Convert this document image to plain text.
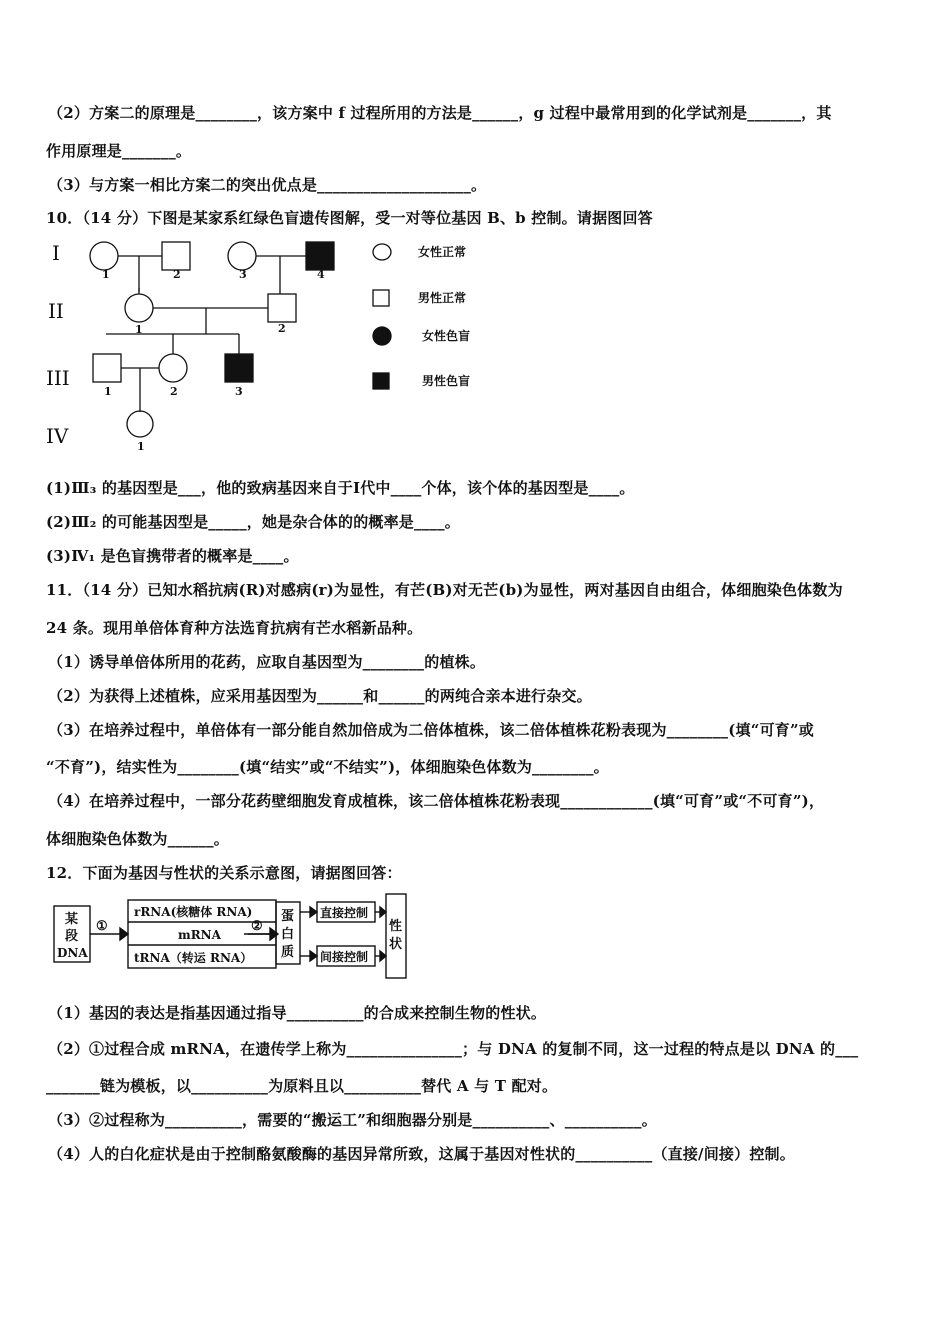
（2）方案二的原理是________，该方案中 f 过程所用的方法是______，g 过程中最常用到的化学试剂是_______，其
作用原理是_______。
（3）与方案一相比方案二的突出优点是____________________。
10．（14 分）下图是某家系红绿色盲遗传图解，受一对等位基因 B、b 控制。请据图回答
I
II
III
IV
1	2	3	4
1	2
1	2	3
1
女性正常
男性正常
女性色盲
男性色盲
(1)Ⅲ₃ 的基因型是___，他的致病基因来自于Ⅰ代中____个体，该个体的基因型是____。
(2)Ⅲ₂ 的可能基因型是_____，她是杂合体的的概率是____。
(3)Ⅳ₁ 是色盲携带者的概率是____。
11．（14 分）已知水稻抗病(R)对感病(r)为显性，有芒(B)对无芒(b)为显性，两对基因自由组合，体细胞染色体数为
24 条。现用单倍体育种方法选育抗病有芒水稻新品种。
（1）诱导单倍体所用的花药，应取自基因型为________的植株。
（2）为获得上述植株，应采用基因型为______和______的两纯合亲本进行杂交。
（3）在培养过程中，单倍体有一部分能自然加倍成为二倍体植株，该二倍体植株花粉表现为________(填“可育”或
“不育”)，结实性为________(填“结实”或“不结实”)，体细胞染色体数为________。
（4）在培养过程中，一部分花药壁细胞发育成植株，该二倍体植株花粉表现____________(填“可育”或“不可育”)，
体细胞染色体数为______。
12．下面为基因与性状的关系示意图，请据图回答：
某
段
DNA
①
rRNA(核糖体 RNA)
mRNA
tRNA（转运 RNA）
②
蛋
白
质
直接控制
间接控制
性
状
（1）基因的表达是指基因通过指导__________的合成来控制生物的性状。
（2）①过程合成 mRNA，在遗传学上称为_______________；与 DNA 的复制不同，这一过程的特点是以 DNA 的___
_______链为模板，以__________为原料且以__________替代 A 与 T 配对。
（3）②过程称为__________，需要的“搬运工”和细胞器分别是__________、__________。
（4）人的白化症状是由于控制酪氨酸酶的基因异常所致，这属于基因对性状的__________（直接/间接）控制。
